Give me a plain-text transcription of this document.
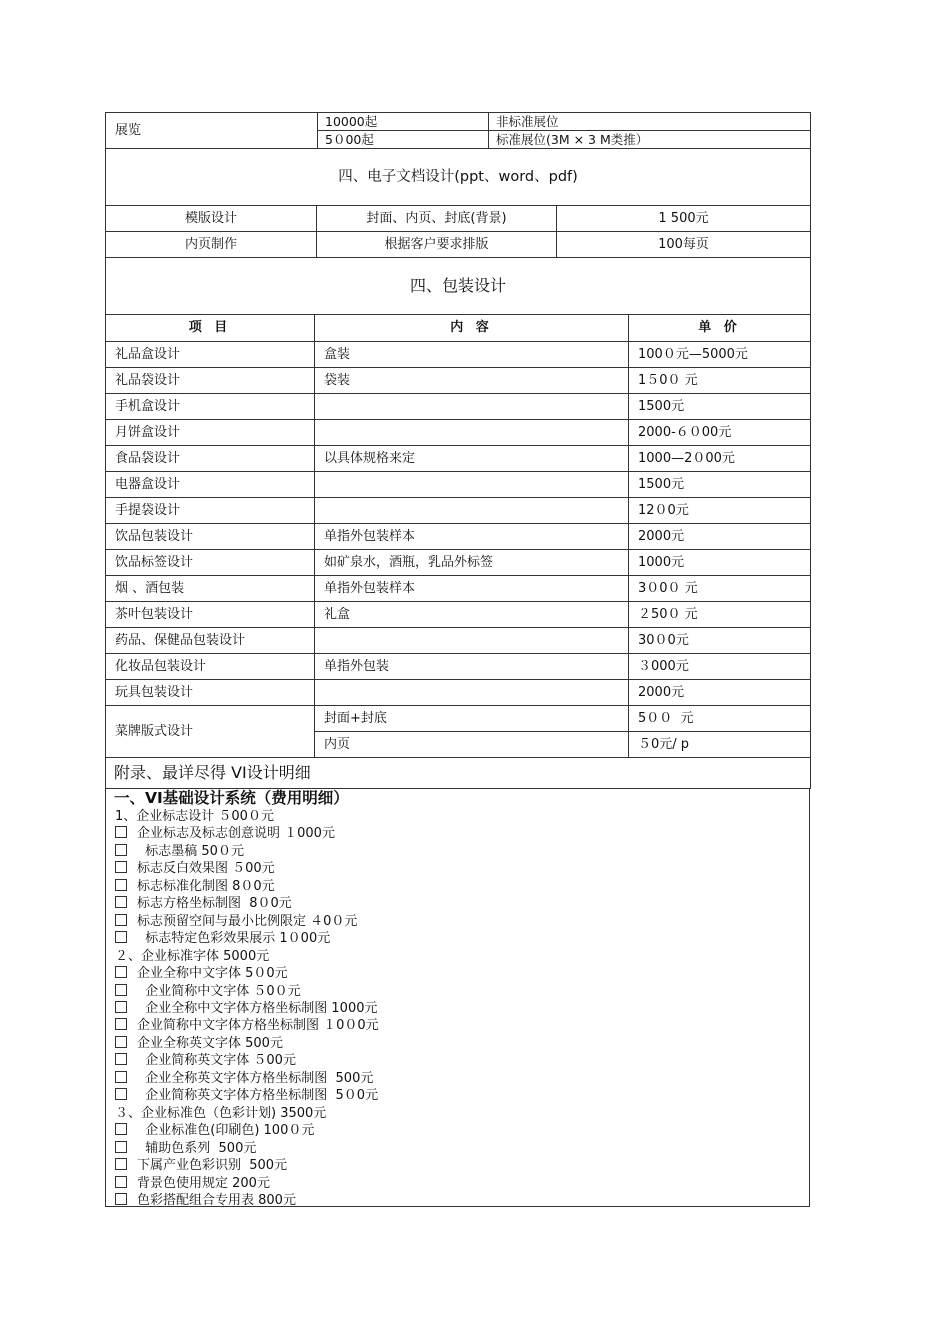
展览	10000起	非标准展位
	5０00起	标准展位(3M × 3 M类推）
四、电子文档设计(ppt、word、pdf)		
模版设计	封面、内页、封底(背景)	1 500元
内页制作	根据客户要求排版	100每页
四、包装设计		
项 目	内 容	单 价
礼品盒设计	盒装	100０元—5000元
礼品袋设计	袋装	1５0０ 元
手机盒设计		1500元
月饼盒设计		2000-６０00元
食品袋设计	以具体规格来定	1000—2０00元
电器盒设计		1500元
手提袋设计		12０0元
饮品包装设计	单指外包装样本	2000元
饮品标签设计	如矿泉水，酒瓶，乳品外标签	1000元
烟 、酒包装	单指外包装样本	3０0０ 元
茶叶包装设计	礼盒	２50０ 元
药品、保健品包装设计		30０0元
化妆品包装设计	单指外包装	３000元
玩具包装设计		2000元
菜牌版式设计	封面+封底	5００  元
	内页	５0元/ p
附录、最详尽得 VI设计明细		
一、VI基础设计系统（费用明细）
1、企业标志设计 ５00０元
企业标志及标志创意说明 １000元
标志墨稿 50０元
标志反白效果图 ５00元
标志标准化制图 8０0元
标志方格坐标制图  8０0元
标志预留空间与最小比例限定 ４0０元
标志特定色彩效果展示 1０00元
２、企业标准字体 5000元
企业全称中文字体 5０0元
企业简称中文字体 ５0０元
企业全称中文字体方格坐标制图 1000元
企业简称中文字体方格坐标制图 １0０0元
企业全称英文字体 500元
企业简称英文字体 ５00元
企业全称英文字体方格坐标制图  500元
企业简称英文字体方格坐标制图  5０0元
３、企业标准色（色彩计划) 3500元
企业标准色(印刷色) 100０元
辅助色系列  500元
下属产业色彩识别  500元
背景色使用规定 200元
色彩搭配组合专用表 800元
